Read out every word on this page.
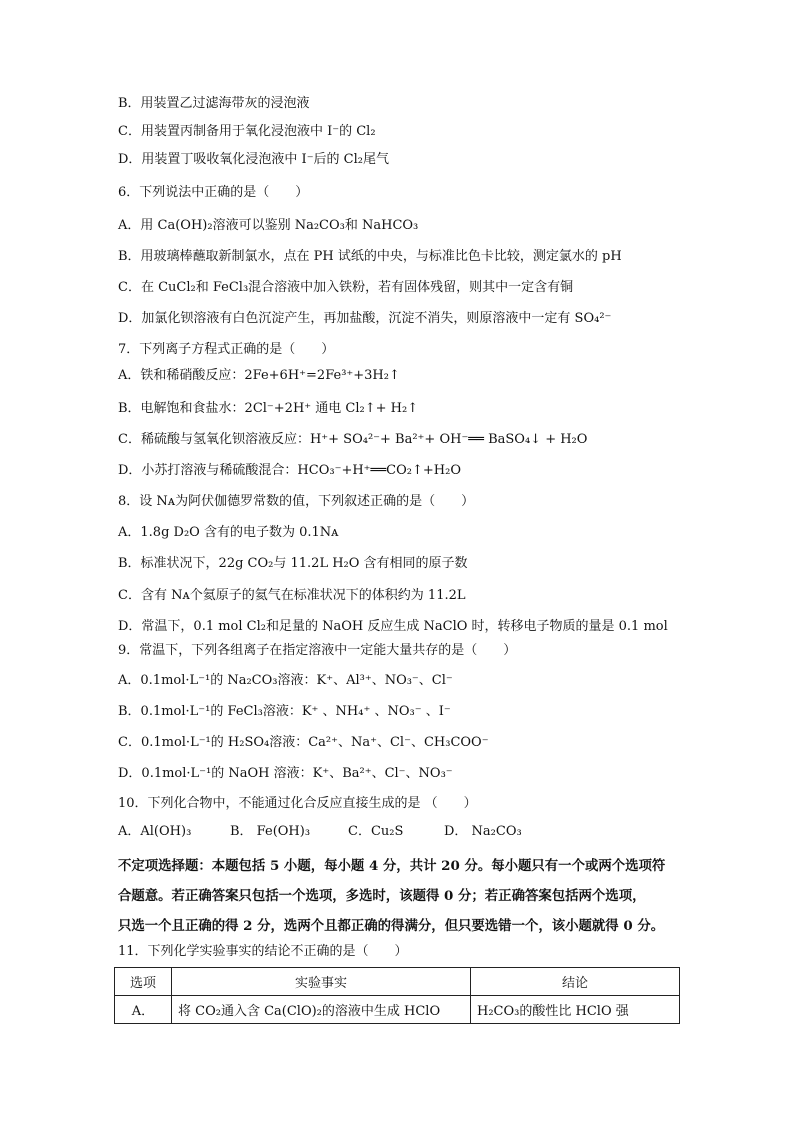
B．用装置乙过滤海带灰的浸泡液
C．用装置丙制备用于氧化浸泡液中 I⁻的 Cl₂
D．用装置丁吸收氧化浸泡液中 I⁻后的 Cl₂尾气
6．下列说法中正确的是（　　）
A．用 Ca(OH)₂溶液可以鉴别 Na₂CO₃和 NaHCO₃
B．用玻璃棒蘸取新制氯水，点在 PH 试纸的中央，与标准比色卡比较，测定氯水的 pH
C．在 CuCl₂和 FeCl₃混合溶液中加入铁粉，若有固体残留，则其中一定含有铜
D．加氯化钡溶液有白色沉淀产生，再加盐酸，沉淀不消失，则原溶液中一定有 SO₄²⁻
7．下列离子方程式正确的是（　　）
A．铁和稀硝酸反应：2Fe+6H⁺=2Fe³⁺+3H₂↑
B．电解饱和食盐水：2Cl⁻+2H⁺ 通电 Cl₂↑+ H₂↑
C．稀硫酸与氢氧化钡溶液反应：H⁺+ SO₄²⁻+ Ba²⁺+ OH⁻══ BaSO₄↓ + H₂O
D．小苏打溶液与稀硫酸混合：HCO₃⁻+H⁺══CO₂↑+H₂O
8．设 Nᴀ为阿伏伽德罗常数的值，下列叙述正确的是（　　）
A．1.8g D₂O 含有的电子数为 0.1Nᴀ
B．标准状况下，22g CO₂与 11.2L H₂O 含有相同的原子数
C．含有 Nᴀ个氦原子的氦气在标准状况下的体积约为 11.2L
D．常温下，0.1 mol Cl₂和足量的 NaOH 反应生成 NaClO 时，转移电子物质的量是 0.1 mol
9．常温下，下列各组离子在指定溶液中一定能大量共存的是（　　）
A．0.1mol·L⁻¹的 Na₂CO₃溶液：K⁺、Al³⁺、NO₃⁻、Cl⁻
B．0.1mol·L⁻¹的 FeCl₃溶液：K⁺ 、NH₄⁺ 、NO₃⁻ 、I⁻
C．0.1mol·L⁻¹的 H₂SO₄溶液：Ca²⁺、Na⁺、Cl⁻、CH₃COO⁻
D．0.1mol·L⁻¹的 NaOH 溶液：K⁺、Ba²⁺、Cl⁻、NO₃⁻
10．下列化合物中，不能通过化合反应直接生成的是 （　　）
A．Al(OH)₃	B． Fe(OH)₃	C．Cu₂S	D． Na₂CO₃
不定项选择题：本题包括 5 小题，每小题 4 分，共计 20 分。每小题只有一个或两个选项符
合题意。若正确答案只包括一个选项，多选时，该题得 0 分；若正确答案包括两个选项，
只选一个且正确的得 2 分，选两个且都正确的得满分，但只要选错一个，该小题就得 0 分。
11．下列化学实验事实的结论不正确的是（　　）
选项	实验事实	结论
A．	将 CO₂通入含 Ca(ClO)₂的溶液中生成 HClO	H₂CO₃的酸性比 HClO 强
